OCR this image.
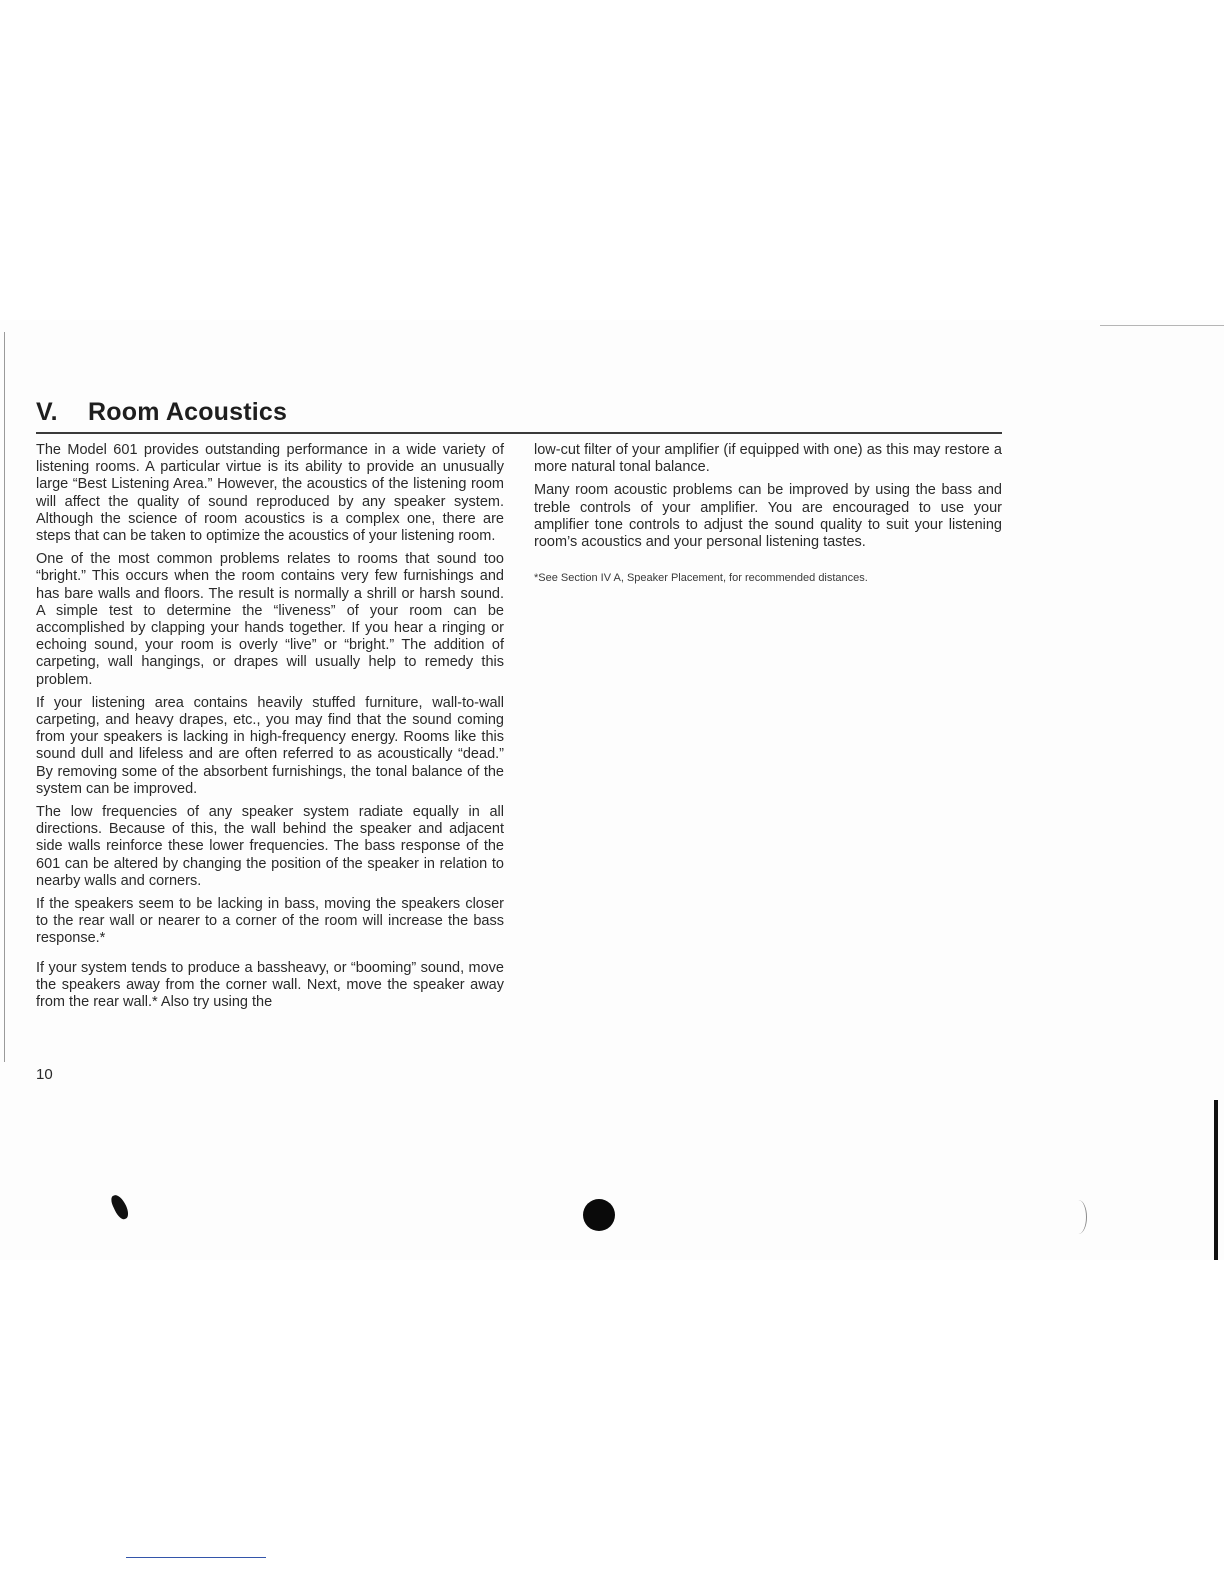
V. Room Acoustics

The Model 601 provides outstanding performance in a wide variety of listening rooms. A particular virtue is its ability to provide an unusually large “Best Listening Area.” However, the acoustics of the listening room will affect the quality of sound reproduced by any speaker system. Although the science of room acoustics is a complex one, there are steps that can be taken to optimize the acoustics of your listening room.

One of the most common problems relates to rooms that sound too “bright.” This occurs when the room contains very few furnishings and has bare walls and floors. The result is normally a shrill or harsh sound. A simple test to determine the “liveness” of your room can be accomplished by clapping your hands together. If you hear a ringing or echoing sound, your room is overly “live” or “bright.” The addition of carpeting, wall hangings, or drapes will usually help to remedy this problem.

If your listening area contains heavily stuffed furniture, wall-to-wall carpeting, and heavy drapes, etc., you may find that the sound coming from your speakers is lacking in high-frequency energy. Rooms like this sound dull and lifeless and are often referred to as acoustically “dead.” By removing some of the absorbent furnishings, the tonal balance of the system can be improved.

The low frequencies of any speaker system radiate equally in all directions. Because of this, the wall behind the speaker and adjacent side walls reinforce these lower frequencies. The bass response of the 601 can be altered by changing the position of the speaker in relation to nearby walls and corners.

If the speakers seem to be lacking in bass, moving the speakers closer to the rear wall or nearer to a corner of the room will increase the bass response.*

If your system tends to produce a bassheavy, or “booming” sound, move the speakers away from the corner wall. Next, move the speaker away from the rear wall.* Also try using the

low-cut filter of your amplifier (if equipped with one) as this may restore a more natural tonal balance.

Many room acoustic problems can be improved by using the bass and treble controls of your amplifier. You are encouraged to use your amplifier tone controls to adjust the sound quality to suit your listening room’s acoustics and your personal listening tastes.

*See Section IV A, Speaker Placement, for recommended distances.

10
